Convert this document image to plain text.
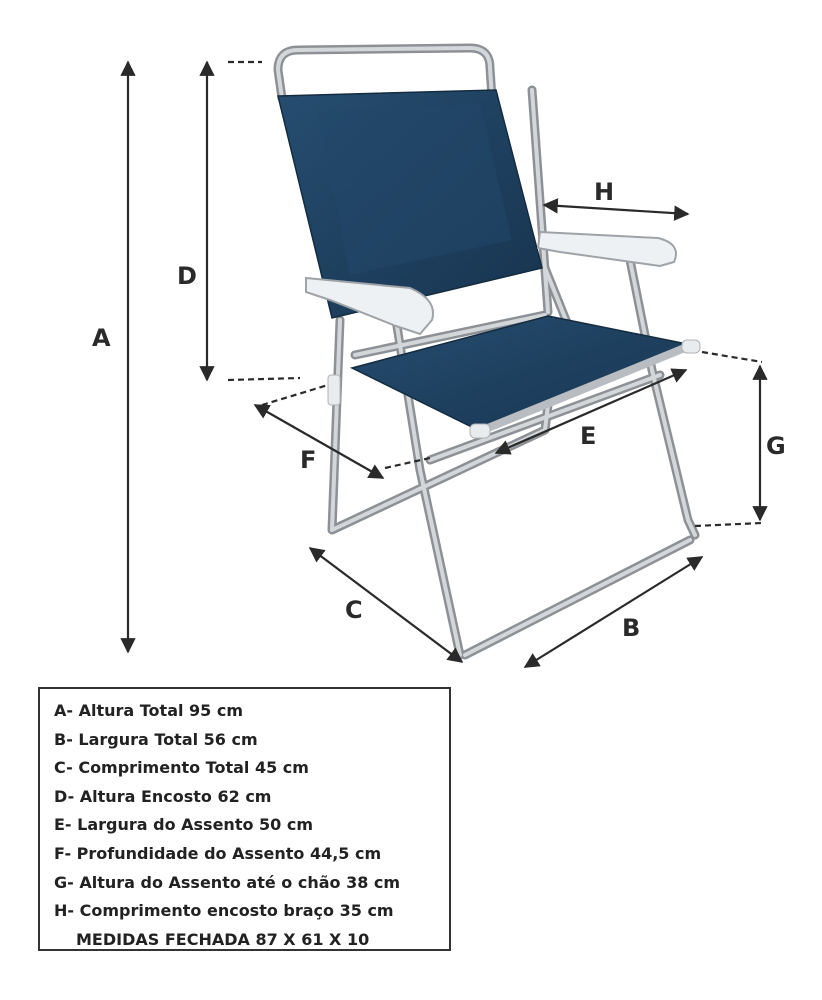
A
D
H
F
E	G
C
B
A- Altura Total 95 cm
B- Largura Total 56 cm
C- Comprimento Total 45 cm
D- Altura Encosto 62 cm
E- Largura do Assento 50 cm
F- Profundidade do Assento 44,5 cm
G- Altura do Assento até o chão 38 cm
H- Comprimento encosto braço 35 cm
MEDIDAS FECHADA 87 X 61 X 10
